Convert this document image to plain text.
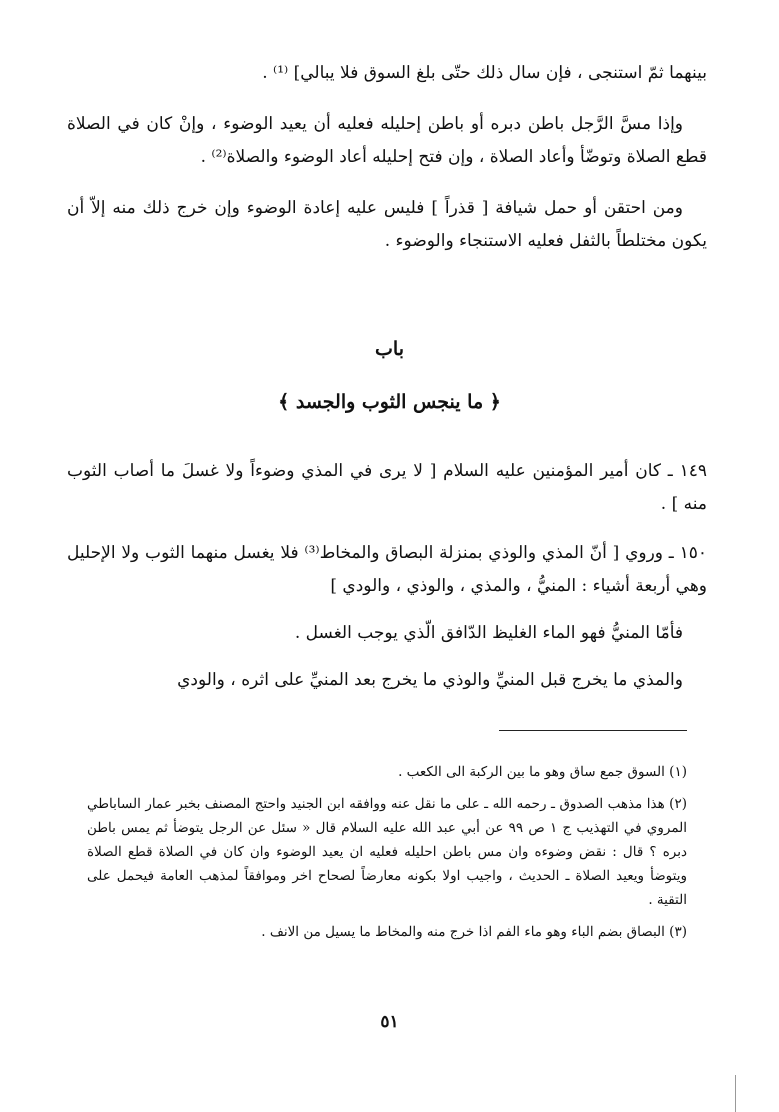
بينهما ثمّ استنجى ، فإن سال ذلك حتّى بلغ السوق فلا يبالي] ⁽¹⁾ .

وإذا مسَّ الرَّجل باطن دبره أو باطن إحليله فعليه أن يعيد الوضوء ، وإنْ كان في الصلاة قطع الصلاة وتوضّأ وأعاد الصلاة ، وإن فتح إحليله أعاد الوضوء والصلاة⁽²⁾ .

ومن احتقن أو حمل شيافة [ قذراً ] فليس عليه إعادة الوضوء وإن خرج ذلك منه إلاّ أن يكون مختلطاً بالثفل فعليه الاستنجاء والوضوء .

باب
﴿ ما ينجس الثوب والجسد ﴾

١٤٩ ـ كان أمير المؤمنين عليه السلام [ لا يرى في المذي وضوءاً ولا غسلَ ما أصاب الثوب منه ] .

١٥٠ ـ وروي [ أنّ المذي والوذي بمنزلة البصاق والمخاط⁽³⁾ فلا يغسل منهما الثوب ولا الإحليل وهي أربعة أشياء : المنيُّ ، والمذي ، والوذي ، والودي ]

فأمّا المنيُّ فهو الماء الغليظ الدّافق الّذي يوجب الغسل .

والمذي ما يخرج قبل المنيِّ والوذي ما يخرج بعد المنيِّ على اثره ، والودي

(١) السوق جمع ساق وهو ما بين الركبة الى الكعب .

(٢) هذا مذهب الصدوق ـ رحمه الله ـ على ما نقل عنه ووافقه ابن الجنيد واحتج المصنف بخبر عمار الساباطي المروي في التهذيب ج ١ ص ٩٩ عن أبي عبد الله عليه السلام قال « سئل عن الرجل يتوضأ ثم يمس باطن دبره ؟ قال : نقض وضوءه وان مس باطن احليله فعليه ان يعيد الوضوء وان كان في الصلاة قطع الصلاة ويتوضأ ويعيد الصلاة ـ الحديث ، واجيب اولا بكونه معارضاً لصحاح اخر وموافقاً لمذهب العامة فيحمل على التقية .

(٣) البصاق بضم الباء وهو ماء الفم اذا خرج منه والمخاط ما يسيل من الانف .

٥١
